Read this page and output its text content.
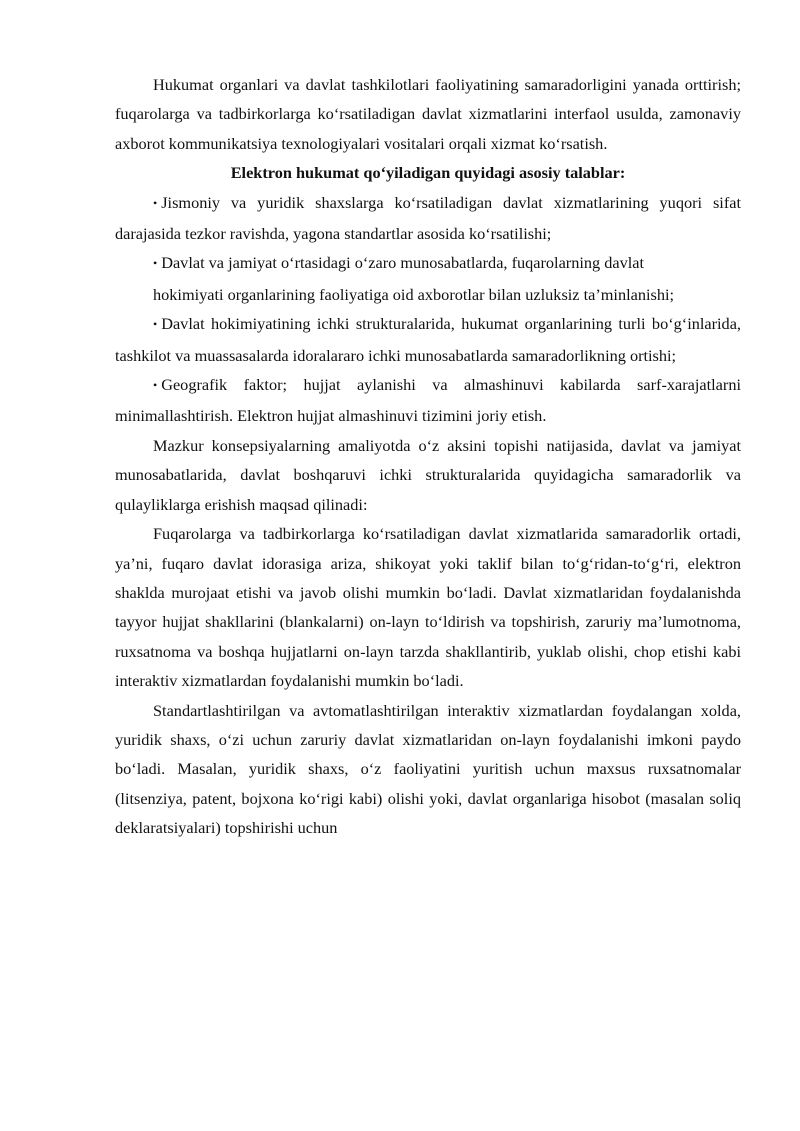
Hukumat organlari va davlat tashkilotlari faoliyatining samaradorligini yanada orttirish; fuqarolarga va tadbirkorlarga ko‘rsatiladigan davlat xizmatlarini interfaol usulda, zamonaviy axborot kommunikatsiya texnologiyalari vositalari orqali xizmat ko‘rsatish.

Elektron hukumat qo‘yiladigan quyidagi asosiy talablar:

• Jismoniy va yuridik shaxslarga ko‘rsatiladigan davlat xizmatlarining yuqori sifat darajasida tezkor ravishda, yagona standartlar asosida ko‘rsatilishi;

• Davlat va jamiyat o‘rtasidagi o‘zaro munosabatlarda, fuqarolarning davlat

hokimiyati organlarining faoliyatiga oid axborotlar bilan uzluksiz ta’minlanishi;

• Davlat hokimiyatining ichki strukturalarida, hukumat organlarining turli bo‘g‘inlarida, tashkilot va muassasalarda idoralararo ichki munosabatlarda samaradorlikning ortishi;

• Geografik faktor; hujjat aylanishi va almashinuvi kabilarda sarf-xarajatlarni minimallashtirish. Elektron hujjat almashinuvi tizimini joriy etish.

Mazkur konsepsiyalarning amaliyotda o‘z aksini topishi natijasida, davlat va jamiyat munosabatlarida, davlat boshqaruvi ichki strukturalarida quyidagicha samaradorlik va qulayliklarga erishish maqsad qilinadi:

Fuqarolarga va tadbirkorlarga ko‘rsatiladigan davlat xizmatlarida samaradorlik ortadi, ya’ni, fuqaro davlat idorasiga ariza, shikoyat yoki taklif bilan to‘g‘ridan-to‘g‘ri, elektron shaklda murojaat etishi va javob olishi mumkin bo‘ladi. Davlat xizmatlaridan foydalanishda tayyor hujjat shakllarini (blankalarni) on-layn to‘ldirish va topshirish, zaruriy ma’lumotnoma, ruxsatnoma va boshqa hujjatlarni on-layn tarzda shakllantirib, yuklab olishi, chop etishi kabi interaktiv xizmatlardan foydalanishi mumkin bo‘ladi.

Standartlashtirilgan va avtomatlashtirilgan interaktiv xizmatlardan foydalangan xolda, yuridik shaxs, o‘zi uchun zaruriy davlat xizmatlaridan on-layn foydalanishi imkoni paydo bo‘ladi. Masalan, yuridik shaxs, o‘z faoliyatini yuritish uchun maxsus ruxsatnomalar (litsenziya, patent, bojxona ko‘rigi kabi) olishi yoki, davlat organlariga hisobot (masalan soliq deklaratsiyalari) topshirishi uchun
